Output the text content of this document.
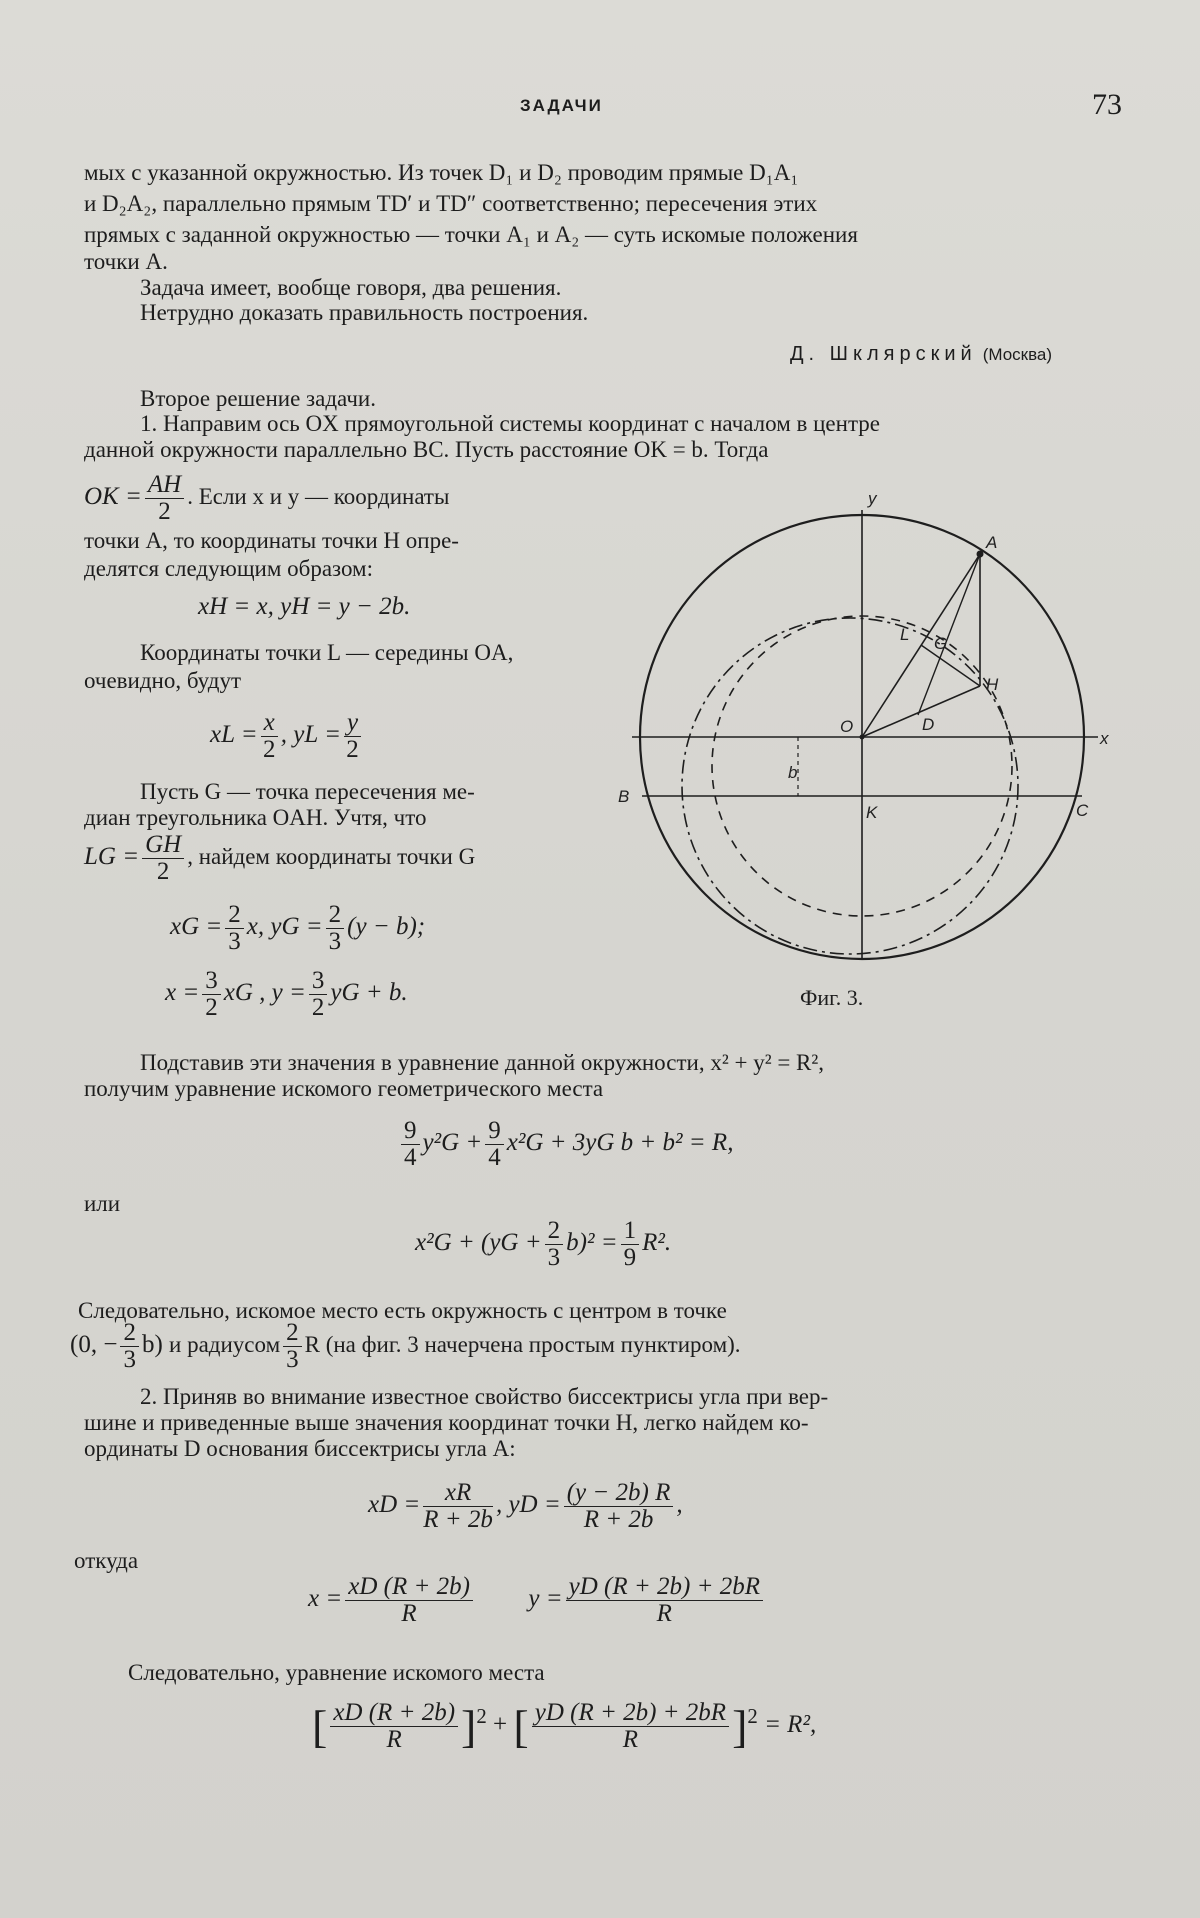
ЗАДАЧИ	73
мых с указанной окружностью. Из точек D₁ и D₂ проводим прямые D₁A₁
и D₂A₂, параллельно прямым TD′ и TD″ соответственно; пересечения этих
прямых с заданной окружностью — точки A₁ и A₂ — суть искомые положения
точки A.
Задача имеет, вообще говоря, два решения.
Нетрудно доказать правильность построения.
Д. Шклярский (Москва)
Второе решение задачи.
1. Направим ось OX прямоугольной системы координат с началом в центре
данной окружности параллельно BC. Пусть расстояние OK = b. Тогда
OK = $\frac{AH}{2}$ . Если x и y — координаты
точки A, то координаты точки H опре-
делятся следующим образом:
xH = x, yH = y − 2b.
Координаты точки L — середины OA,
очевидно, будут
xL = $\frac{x}{2}$ , yL = $\frac{y}{2}$
Пусть G — точка пересечения ме-
диан треугольника OAH. Учтя, что
LG = $\frac{GH}{2}$ , найдем координаты точки G
xG = $\frac{2}{3} x$, yG = $\frac{2}{3} (y - b)$;
$x = \frac{3}{2}$ xG , $y = \frac{3}{2}$ yG + b.
y
x
A
L G
H
O	D
B
C
K
b
Фиг. 3.
Подставив эти значения в уравнение данной окружности, x² + y² = R²,
получим уравнение искомого геометрического места
$\frac{9}{4} y^2G + \frac{9}{4} x^2G + 3yG$ b + b² = R,
или
$x^2G + (yG + \frac{2}{3} b)^2 = \frac{1}{9} R^2$.
Следовательно, искомое место есть окружность с центром в точке
(0, − $\frac{2}{3} b$) и радиусом $\frac{2}{3}$ R (на фиг. 3 начерчена простым пунктиром).
2. Приняв во внимание известное свойство биссектрисы угла при вер-
шине и приведенные выше значения координат точки H, легко найдем ко-
ординаты D основания биссектрисы угла A:
xD = $\frac{xR}{R + 2b}$ , yD = $\frac{(y - 2b) R}{R + 2b}$ ,
откуда
$x = \frac{xD (R + 2b)}{R}$ $y = \frac{yD (R + 2b) + 2bR}{R}$
Следовательно, уравнение искомого места
[ $\frac{xD (R + 2b)}{R} ]^2$ + [ $\frac{yD (R + 2b) + 2bR}{R} ]^2 = R^2$,
